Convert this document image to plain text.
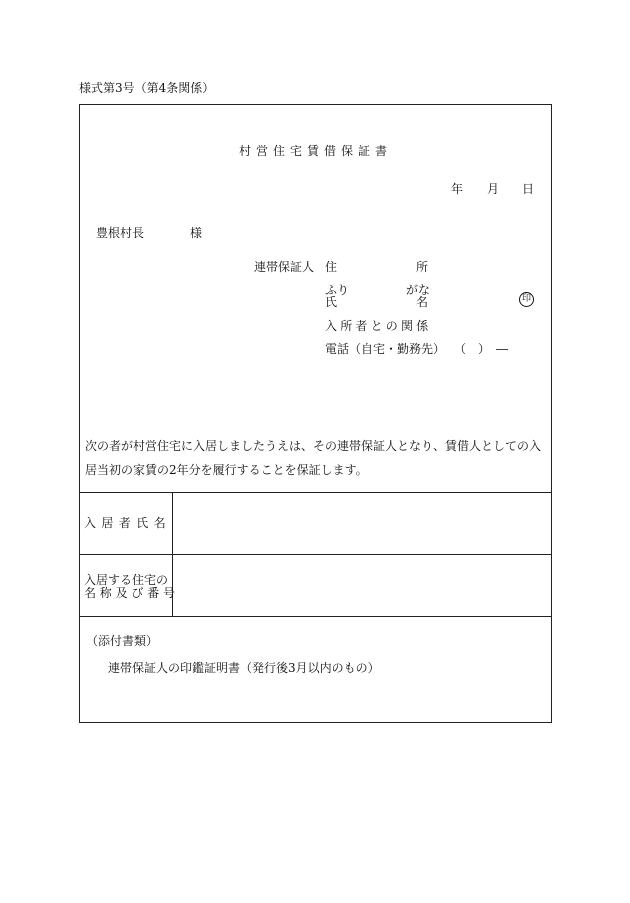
様式第3号（第4条関係）
村営住宅賃借保証書
年 月 日
豊根村長	様
連帯保証人 住	所
ふり	がな
氏	名	印
入所者との関係
電話（自宅・勤務先） （　）　―
次の者が村営住宅に入居しましたうえは、その連帯保証人となり、賃借人としての入
居当初の家賃の2年分を履行することを保証します。
入居者氏名
入居する住宅の
名称及び番号
（添付書類）
連帯保証人の印鑑証明書（発行後3月以内のもの）
